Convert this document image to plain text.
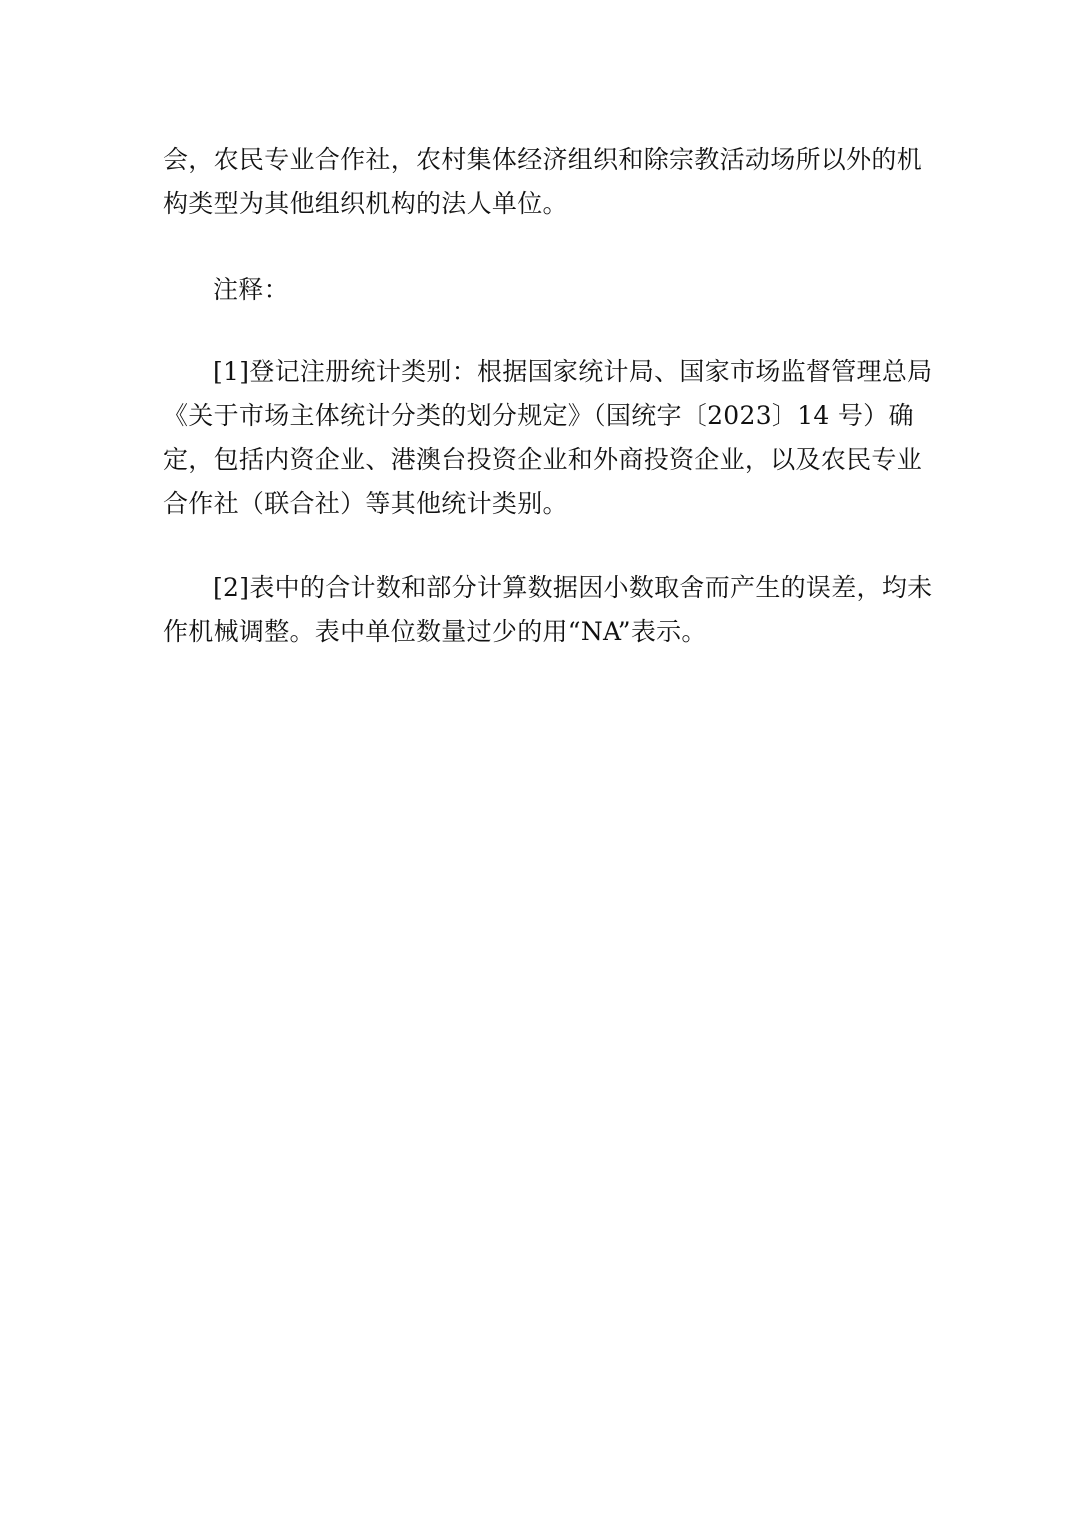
会，农民专业合作社，农村集体经济组织和除宗教活动场所以外的机
构类型为其他组织机构的法人单位。
注释：
[1]登记注册统计类别：根据国家统计局、国家市场监督管理总局
《关于市场主体统计分类的划分规定》（国统字〔2023〕14 号）确
定，包括内资企业、港澳台投资企业和外商投资企业，以及农民专业
合作社（联合社）等其他统计类别。
[2]表中的合计数和部分计算数据因小数取舍而产生的误差，均未
作机械调整。表中单位数量过少的用“NA”表示。
